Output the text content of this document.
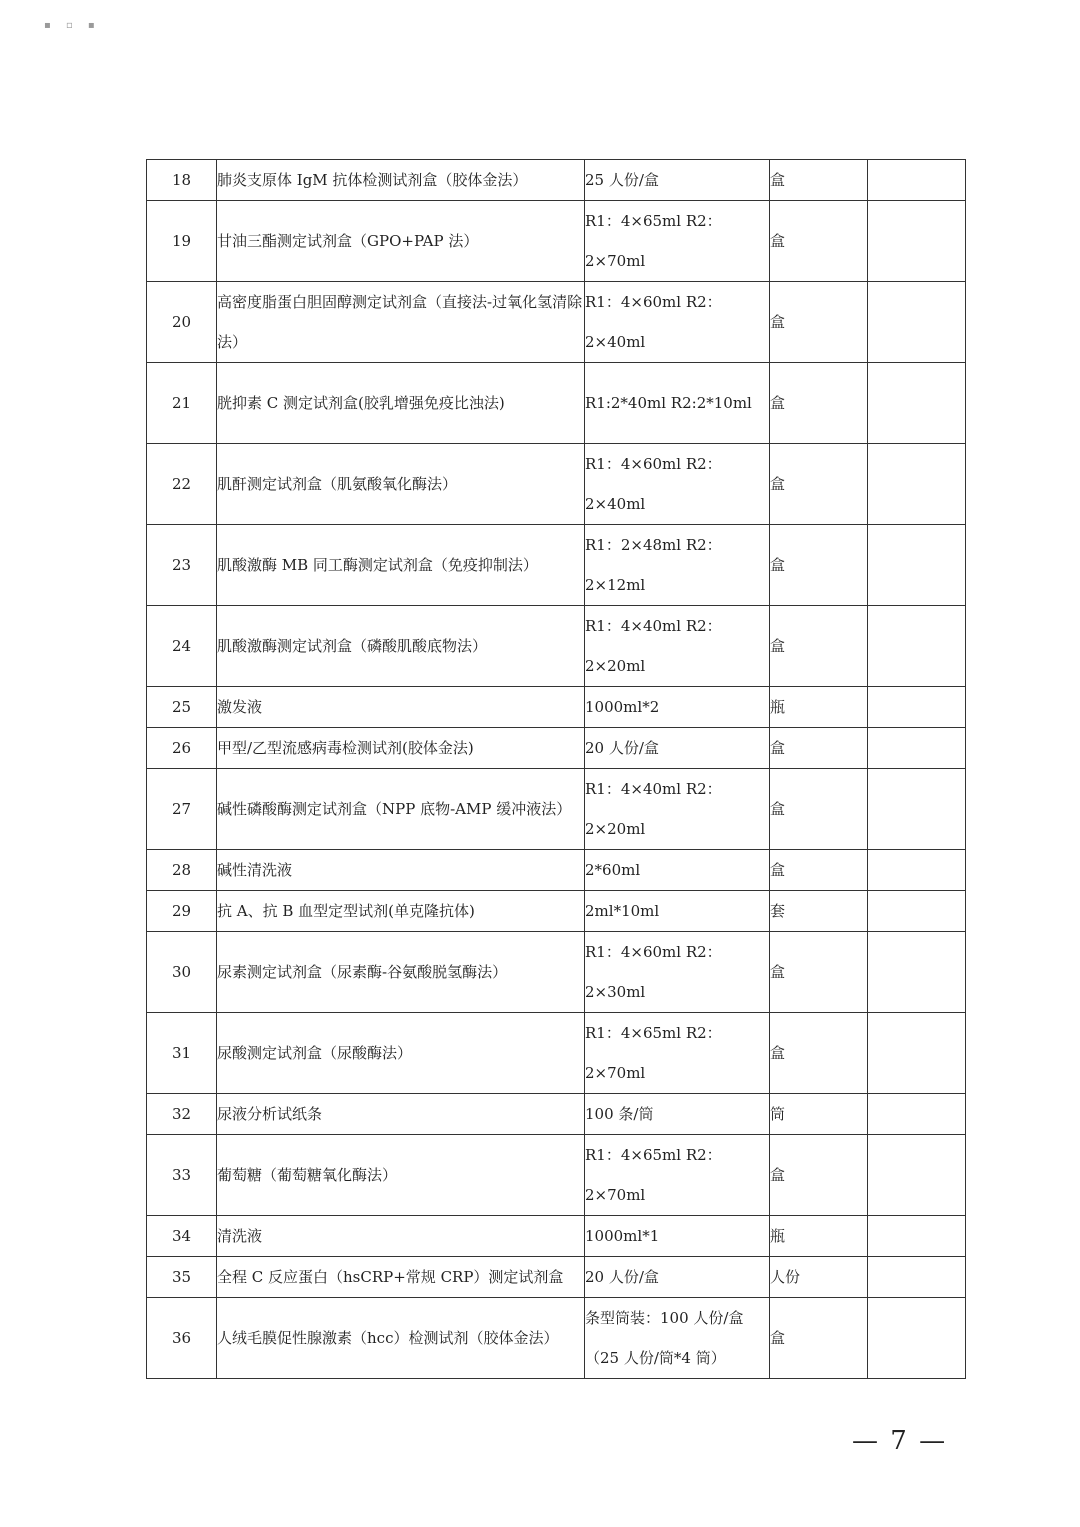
▪ ▫ ▪
18	肺炎支原体 IgM 抗体检测试剂盒（胶体金法）	25 人份/盒	盒	
19	甘油三酯测定试剂盒（GPO+PAP 法）	R1：4×65ml R2：2×70ml	盒	
20	高密度脂蛋白胆固醇测定试剂盒（直接法-过氧化氢清除法）	R1：4×60ml R2：2×40ml	盒	
21	胱抑素 C 测定试剂盒(胶乳增强免疫比浊法)	R1:2*40ml R2:2*10ml	盒	
22	肌酐测定试剂盒（肌氨酸氧化酶法）	R1：4×60ml R2：2×40ml	盒	
23	肌酸激酶 MB 同工酶测定试剂盒（免疫抑制法）	R1：2×48ml R2：2×12ml	盒	
24	肌酸激酶测定试剂盒（磷酸肌酸底物法）	R1：4×40ml R2：2×20ml	盒	
25	激发液	1000ml*2	瓶	
26	甲型/乙型流感病毒检测试剂(胶体金法)	20 人份/盒	盒	
27	碱性磷酸酶测定试剂盒（NPP 底物-AMP 缓冲液法）	R1：4×40ml R2：2×20ml	盒	
28	碱性清洗液	2*60ml	盒	
29	抗 A、抗 B 血型定型试剂(单克隆抗体)	2ml*10ml	套	
30	尿素测定试剂盒（尿素酶-谷氨酸脱氢酶法）	R1：4×60ml R2：2×30ml	盒	
31	尿酸测定试剂盒（尿酸酶法）	R1：4×65ml R2：2×70ml	盒	
32	尿液分析试纸条	100 条/筒	筒	
33	葡萄糖（葡萄糖氧化酶法）	R1：4×65ml R2：2×70ml	盒	
34	清洗液	1000ml*1	瓶	
35	全程 C 反应蛋白（hsCRP+常规 CRP）测定试剂盒	20 人份/盒	人份	
36	人绒毛膜促性腺激素（hcc）检测试剂（胶体金法）	条型筒装：100 人份/盒（25 人份/筒*4 筒）	盒	
— 7 —
